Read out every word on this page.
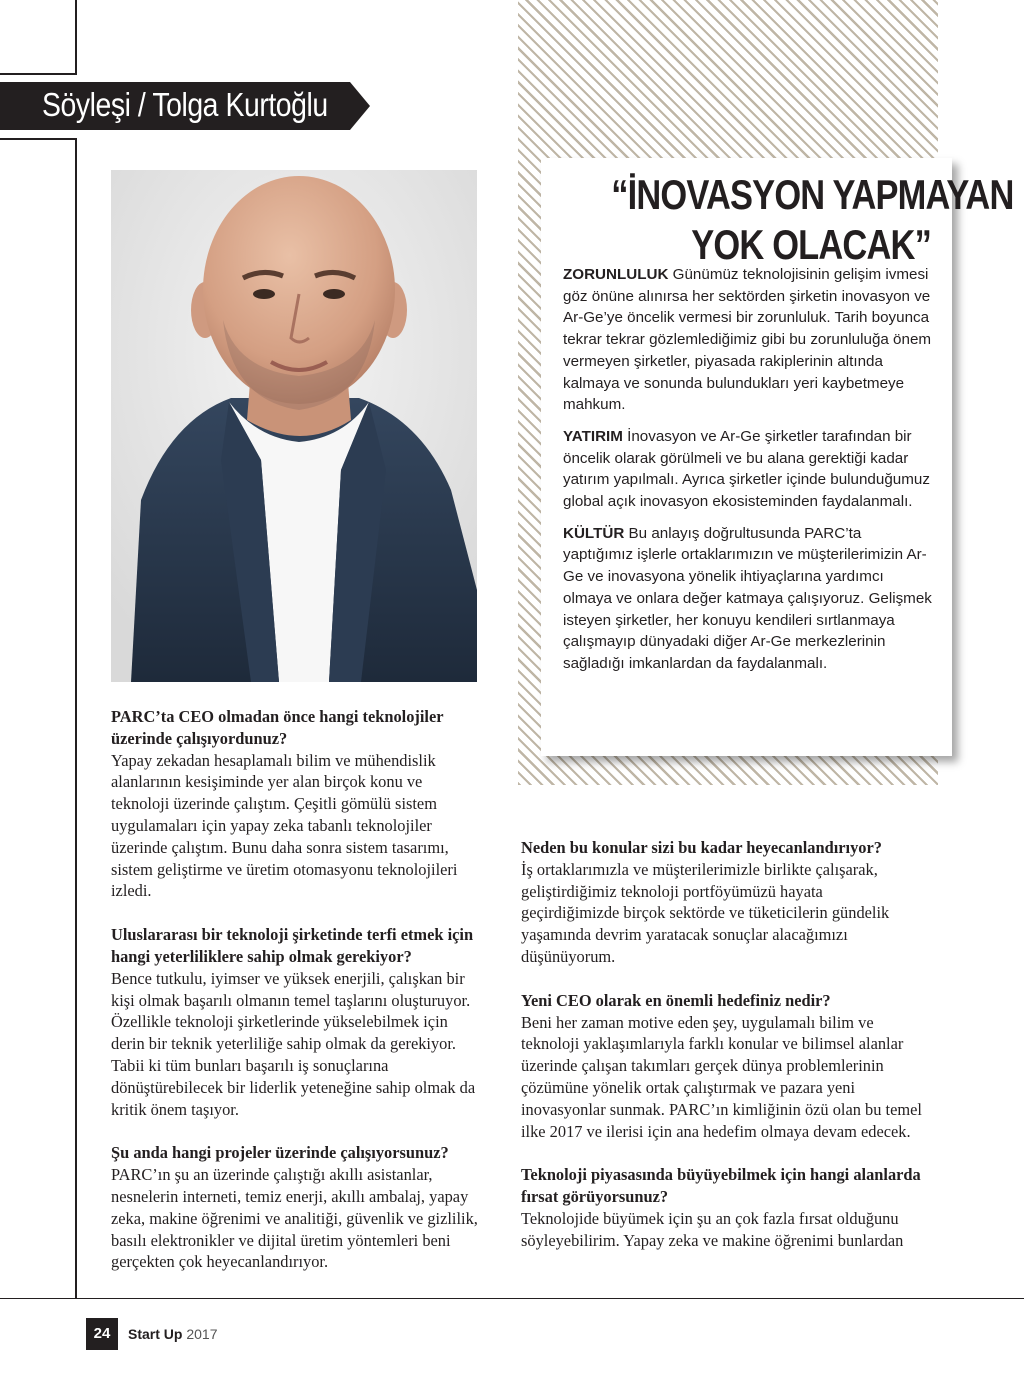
Söyleşi / Tolga Kurtoğlu
“İNOVASYON YAPMAYAN
YOK OLACAK”

ZORUNLULUK Günümüz teknolojisinin gelişim ivmesi göz önüne alınırsa her sektörden şirketin inovasyon ve Ar-Ge’ye öncelik vermesi bir zorunluluk. Tarih boyunca tekrar tekrar gözlemlediğimiz gibi bu zorunluluğa önem vermeyen şirketler, piyasada rakiplerinin altında kalmaya ve sonunda bulundukları yeri kaybetmeye mahkum.

YATIRIM İnovasyon ve Ar-Ge şirketler tarafından bir öncelik olarak görülmeli ve bu alana gerektiği kadar yatırım yapılmalı. Ayrıca şirketler içinde bulunduğumuz global açık inovasyon ekosisteminden faydalanmalı.

KÜLTÜR Bu anlayış doğrultusunda PARC’ta yaptığımız işlerle ortaklarımızın ve müşterilerimizin Ar-Ge ve inovasyona yönelik ihtiyaçlarına yardımcı olmaya ve onlara değer katmaya çalışıyoruz. Gelişmek isteyen şirketler, her konuyu kendileri sırtlanmaya çalışmayıp dünyadaki diğer Ar-Ge merkezlerinin sağladığı imkanlardan da faydalanmalı.

PARC’ta CEO olmadan önce hangi teknolojiler üzerinde çalışıyordunuz?
Yapay zekadan hesaplamalı bilim ve mühendislik alanlarının kesişiminde yer alan birçok konu ve teknoloji üzerinde çalıştım. Çeşitli gömülü sistem uygulamaları için yapay zeka tabanlı teknolojiler üzerinde çalıştım. Bunu daha sonra sistem tasarımı, sistem geliştirme ve üretim otomasyonu teknolojileri izledi.
Uluslararası bir teknoloji şirketinde terfi etmek için hangi yeterliliklere sahip olmak gerekiyor?
Bence tutkulu, iyimser ve yüksek enerjili, çalışkan bir kişi olmak başarılı olmanın temel taşlarını oluşturuyor. Özellikle teknoloji şirketlerinde yükselebilmek için derin bir teknik yeterliliğe sahip olmak da gerekiyor. Tabii ki tüm bunları başarılı iş sonuçlarına dönüştürebilecek bir liderlik yeteneğine sahip olmak da kritik önem taşıyor.
Şu anda hangi projeler üzerinde çalışıyorsunuz?
PARC’ın şu an üzerinde çalıştığı akıllı asistanlar, nesnelerin interneti, temiz enerji, akıllı ambalaj, yapay zeka, makine öğrenimi ve analitiği, güvenlik ve gizlilik, basılı elektronikler ve dijital üretim yöntemleri beni gerçekten çok heyecanlandırıyor.
Neden bu konular sizi bu kadar heyecanlandırıyor?
İş ortaklarımızla ve müşterilerimizle birlikte çalışarak, geliştirdiğimiz teknoloji portföyümüzü hayata geçirdiğimizde birçok sektörde ve tüketicilerin gündelik yaşamında devrim yaratacak sonuçlar alacağımızı düşünüyorum.
Yeni CEO olarak en önemli hedefiniz nedir?
Beni her zaman motive eden şey, uygulamalı bilim ve teknoloji yaklaşımlarıyla farklı konular ve bilimsel alanlar üzerinde çalışan takımları gerçek dünya problemlerinin çözümüne yönelik ortak çalıştırmak ve pazara yeni inovasyonlar sunmak. PARC’ın kimliğinin özü olan bu temel ilke 2017 ve ilerisi için ana hedefim olmaya devam edecek.
Teknoloji piyasasında büyüyebilmek için hangi alanlarda fırsat görüyorsunuz?
Teknolojide büyümek için şu an çok fazla fırsat olduğunu söyleyebilirim. Yapay zeka ve makine öğrenimi bunlardan
24	Start Up 2017
